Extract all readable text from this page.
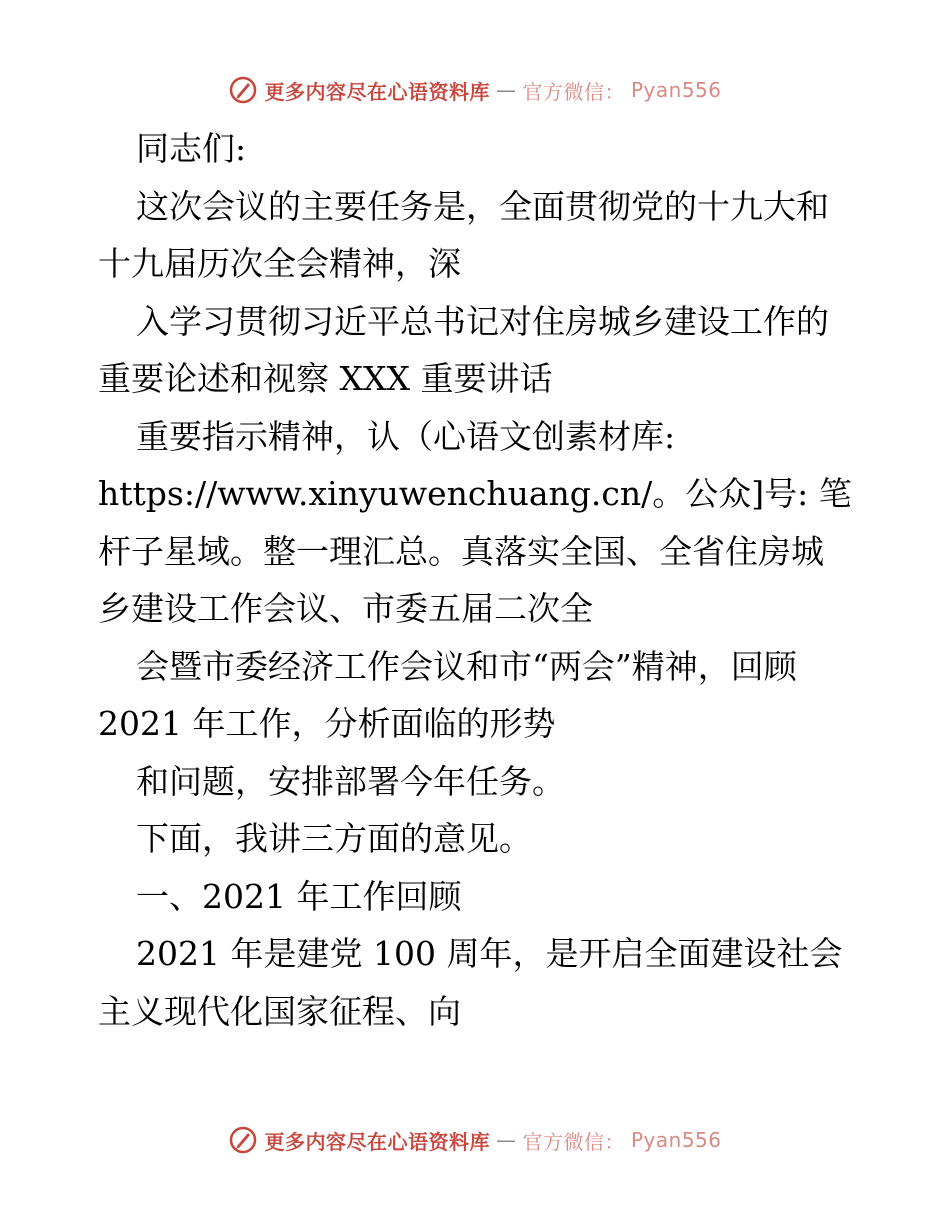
更多内容尽在心语资料库 — 官方微信： Pyan556
同志们:
这次会议的主要任务是，全面贯彻党的十九大和
十九届历次全会精神，深
入学习贯彻习近平总书记对住房城乡建设工作的
重要论述和视察 XXX 重要讲话
重要指示精神，认（心语文创素材库:
https://www.xinyuwenchuang.cn/。公众]号: 笔
杆子星域。整一理汇总。真落实全国、全省住房城
乡建设工作会议、市委五届二次全
会暨市委经济工作会议和市“两会”精神，回顾
2021 年工作，分析面临的形势
和问题，安排部署今年任务。
下面，我讲三方面的意见。
一、2021 年工作回顾
2021 年是建党 100 周年，是开启全面建设社会
主义现代化国家征程、向
更多内容尽在心语资料库 — 官方微信： Pyan556
